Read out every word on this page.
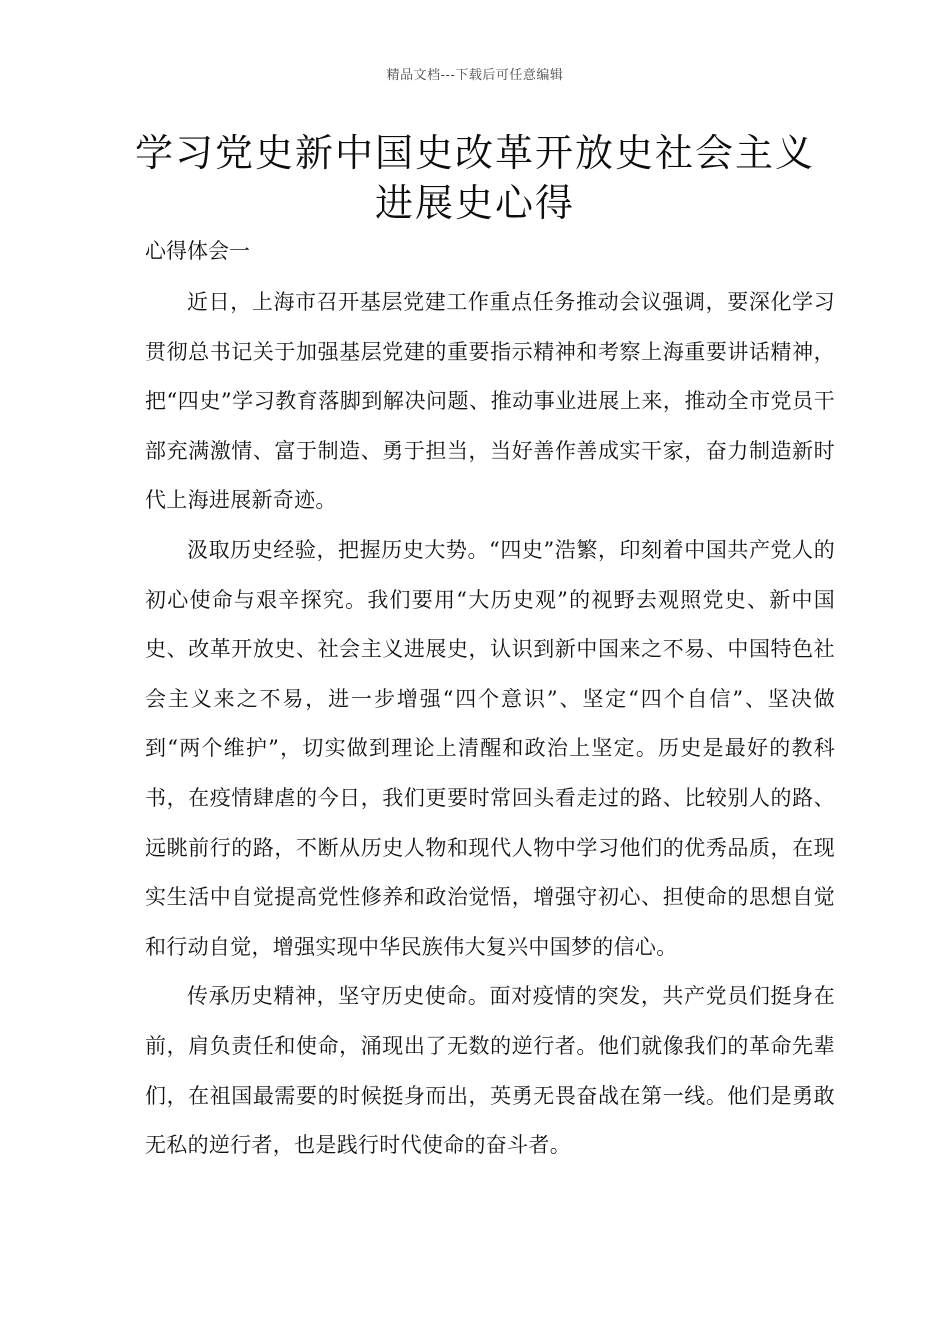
精品文档---下载后可任意编辑
学习党史新中国史改革开放史社会主义
进展史心得
心得体会一

近日，上海市召开基层党建工作重点任务推动会议强调，要深化学习贯彻总书记关于加强基层党建的重要指示精神和考察上海重要讲话精神，把“四史”学习教育落脚到解决问题、推动事业进展上来，推动全市党员干部充满激情、富于制造、勇于担当，当好善作善成实干家，奋力制造新时代上海进展新奇迹。

汲取历史经验，把握历史大势。“四史”浩繁，印刻着中国共产党人的初心使命与艰辛探究。我们要用“大历史观”的视野去观照党史、新中国史、改革开放史、社会主义进展史，认识到新中国来之不易、中国特色社会主义来之不易，进一步增强“四个意识”、坚定“四个自信”、坚决做到“两个维护”，切实做到理论上清醒和政治上坚定。历史是最好的教科书，在疫情肆虐的今日，我们更要时常回头看走过的路、比较别人的路、远眺前行的路，不断从历史人物和现代人物中学习他们的优秀品质，在现实生活中自觉提高党性修养和政治觉悟，增强守初心、担使命的思想自觉和行动自觉，增强实现中华民族伟大复兴中国梦的信心。

传承历史精神，坚守历史使命。面对疫情的突发，共产党员们挺身在前，肩负责任和使命，涌现出了无数的逆行者。他们就像我们的革命先辈们，在祖国最需要的时候挺身而出，英勇无畏奋战在第一线。他们是勇敢无私的逆行者，也是践行时代使命的奋斗者。
